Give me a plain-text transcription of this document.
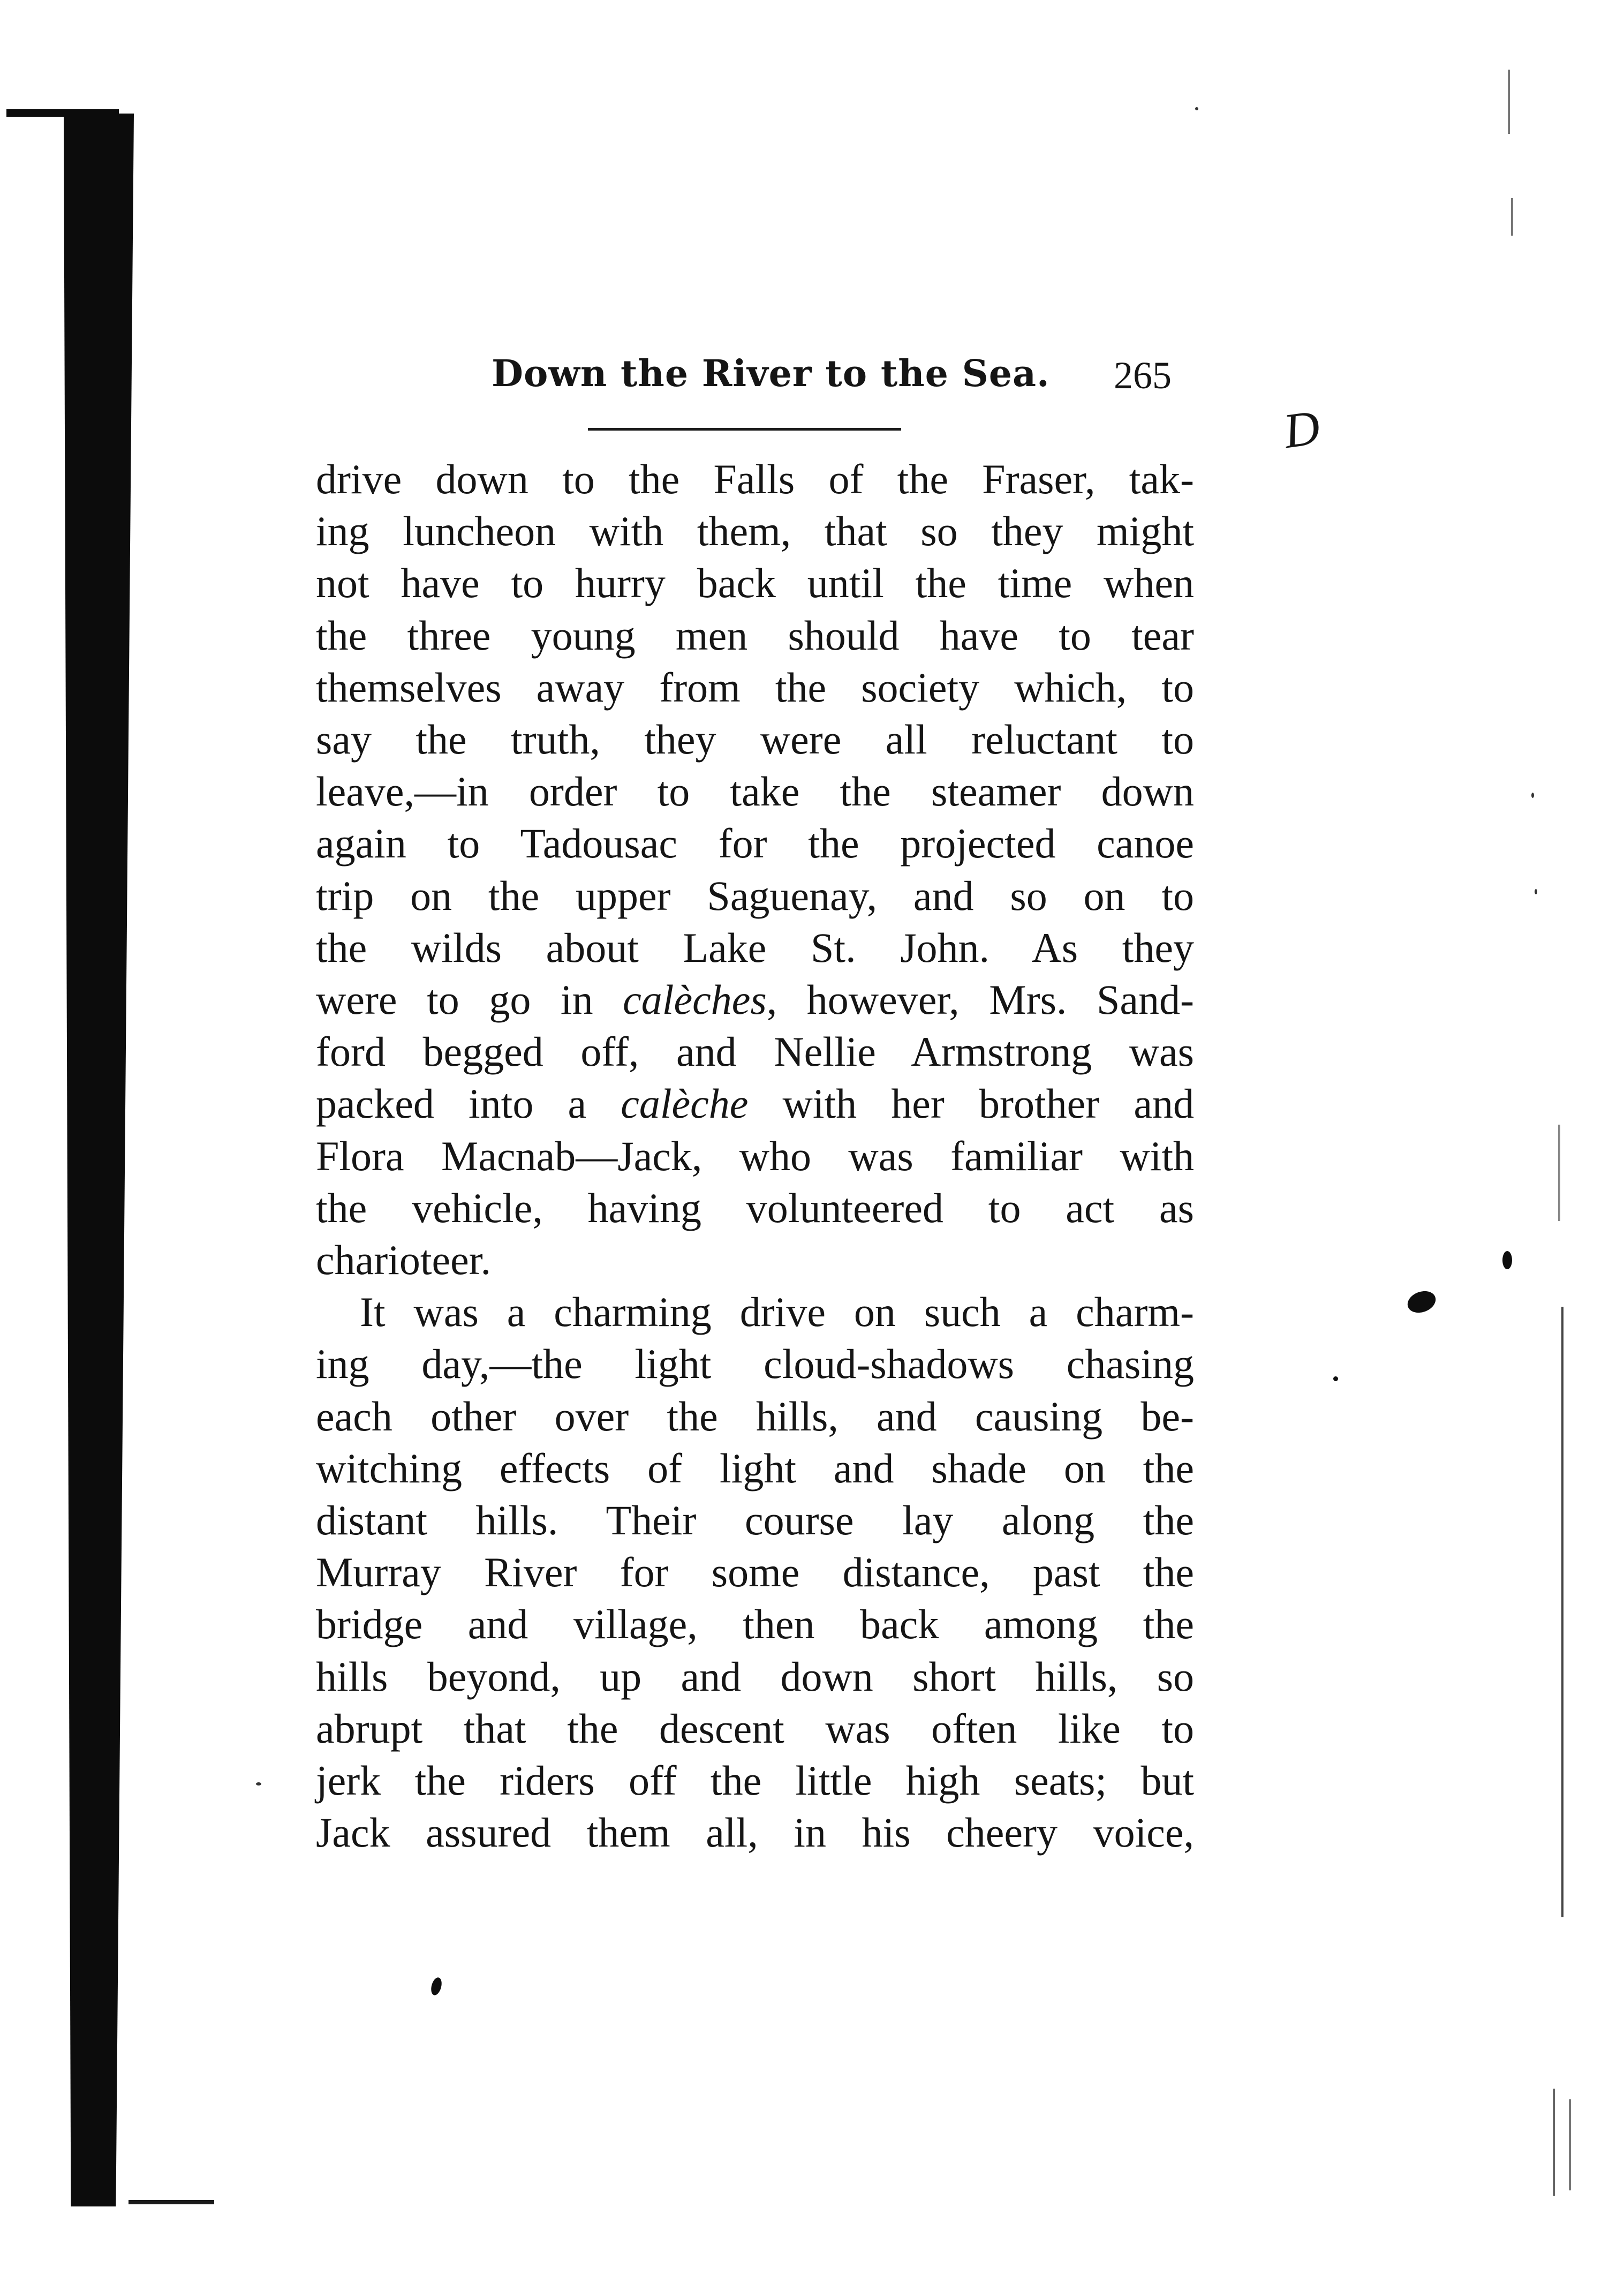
Down the River to the Sea. 265
D
drive down to the Falls of the Fraser, tak-
ing luncheon with them, that so they might
not have to hurry back until the time when
the three young men should have to tear
themselves away from the society which, to
say the truth, they were all reluctant to
leave,—in order to take the steamer down
again to Tadousac for the projected canoe
trip on the upper Saguenay, and so on to
the wilds about Lake St. John. As they
were to go in calèches, however, Mrs. Sand-
ford begged off, and Nellie Armstrong was
packed into a calèche with her brother and
Flora Macnab—Jack, who was familiar with
the vehicle, having volunteered to act as
charioteer.
It was a charming drive on such a charm-
ing day,—the light cloud-shadows chasing
each other over the hills, and causing be-
witching effects of light and shade on the
distant hills. Their course lay along the
Murray River for some distance, past the
bridge and village, then back among the
hills beyond, up and down short hills, so
abrupt that the descent was often like to
jerk the riders off the little high seats; but
Jack assured them all, in his cheery voice,
